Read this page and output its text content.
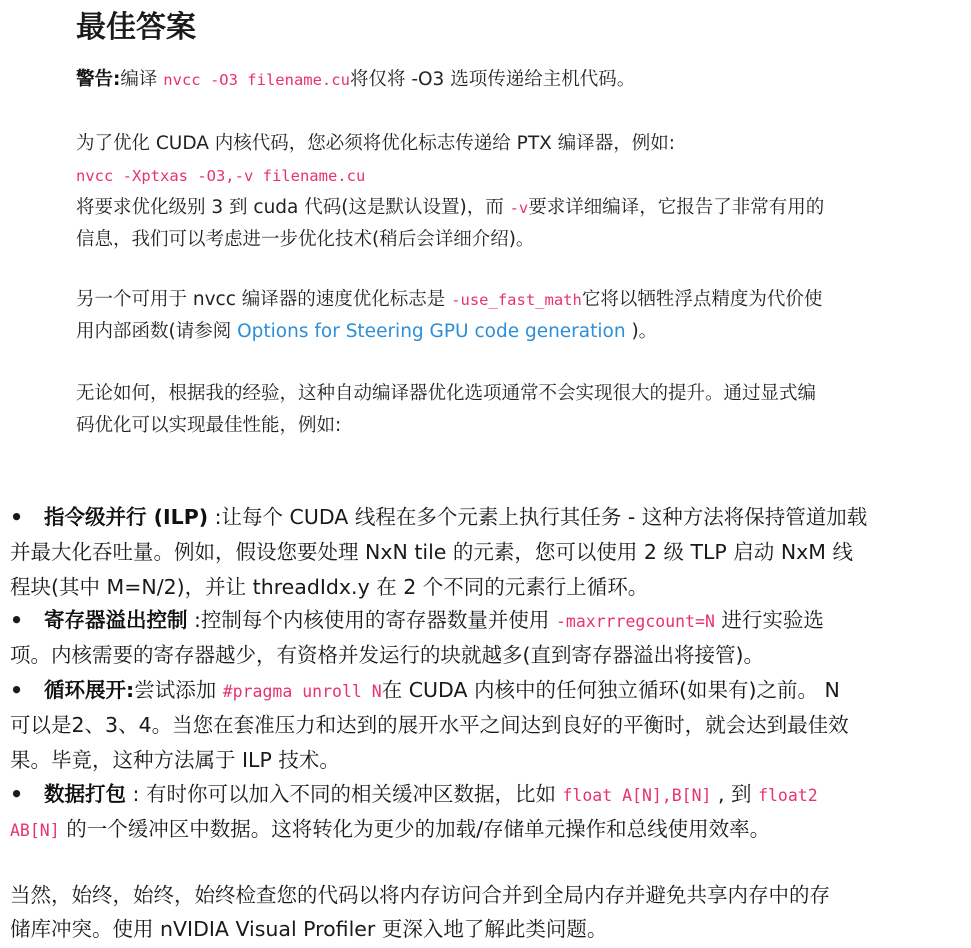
最佳答案
警告:编译 nvcc -O3 filename.cu将仅将 -O3 选项传递给主机代码。
为了优化 CUDA 内核代码，您必须将优化标志传递给 PTX 编译器，例如:
nvcc -Xptxas -O3,-v filename.cu
将要求优化级别 3 到 cuda 代码(这是默认设置)，而 -v要求详细编译，它报告了非常有用的
信息，我们可以考虑进一步优化技术(稍后会详细介绍)。
另一个可用于 nvcc 编译器的速度优化标志是 -use_fast_math它将以牺牲浮点精度为代价使
用内部函数(请参阅 Options for Steering GPU code generation )。
无论如何，根据我的经验，这种自动编译器优化选项通常不会实现很大的提升。通过显式编
码优化可以实现最佳性能，例如:
• 指令级并行 (ILP) :让每个 CUDA 线程在多个元素上执行其任务 - 这种方法将保持管道加载
并最大化吞吐量。例如，假设您要处理 NxN tile 的元素，您可以使用 2 级 TLP 启动 NxM 线
程块(其中 M=N/2)，并让 threadIdx.y 在 2 个不同的元素行上循环。
• 寄存器溢出控制 :控制每个内核使用的寄存器数量并使用 -maxrrregcount=N 进行实验选
项。内核需要的寄存器越少，有资格并发运行的块就越多(直到寄存器溢出将接管)。
• 循环展开:尝试添加 #pragma unroll N在 CUDA 内核中的任何独立循环(如果有)之前。 N
可以是2、3、4。当您在套准压力和达到的展开水平之间达到良好的平衡时，就会达到最佳效
果。毕竟，这种方法属于 ILP 技术。
• 数据打包 : 有时你可以加入不同的相关缓冲区数据，比如 float A[N],B[N] , 到 float2
AB[N] 的一个缓冲区中数据。这将转化为更少的加载/存储单元操作和总线使用效率。
当然，始终，始终，始终检查您的代码以将内存访问合并到全局内存并避免共享内存中的存
储库冲突。使用 nVIDIA Visual Profiler 更深入地了解此类问题。
